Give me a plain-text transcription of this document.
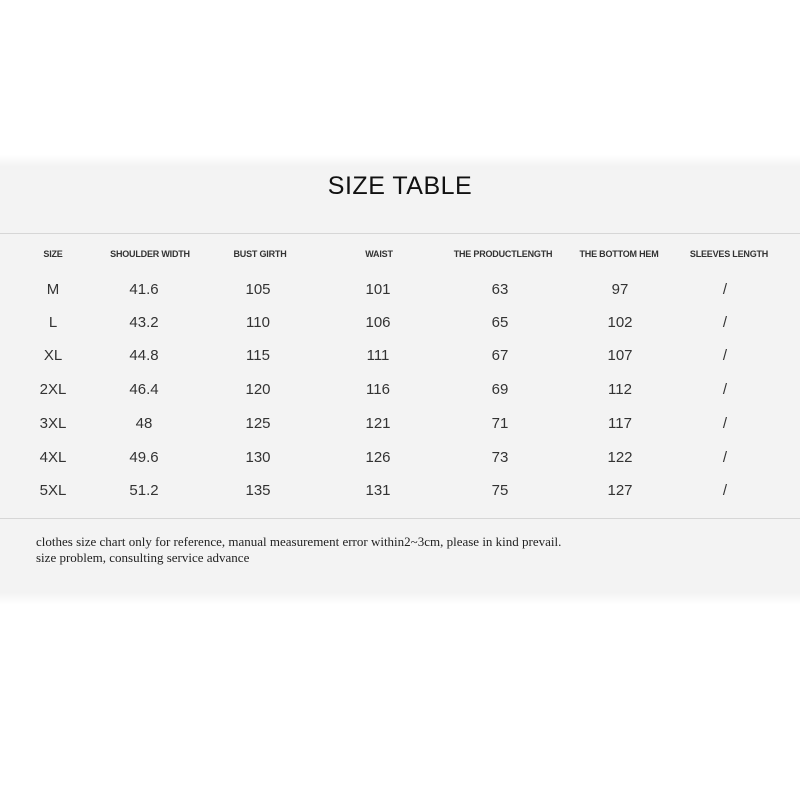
SIZE TABLE
SIZE	SHOULDER WIDTH	BUST GIRTH	WAIST	THE PRODUCTLENGTH	THE BOTTOM HEM	SLEEVES LENGTH
M	41.6	105	101	63	97	/
L	43.2	110	106	65	102	/
XL	44.8	115	111	67	107	/
2XL	46.4	120	116	69	112	/
3XL	48	125	121	71	117	/
4XL	49.6	130	126	73	122	/
5XL	51.2	135	131	75	127	/
clothes size chart only for reference, manual measurement error within2~3cm, please in kind prevail.
size problem, consulting service advance
